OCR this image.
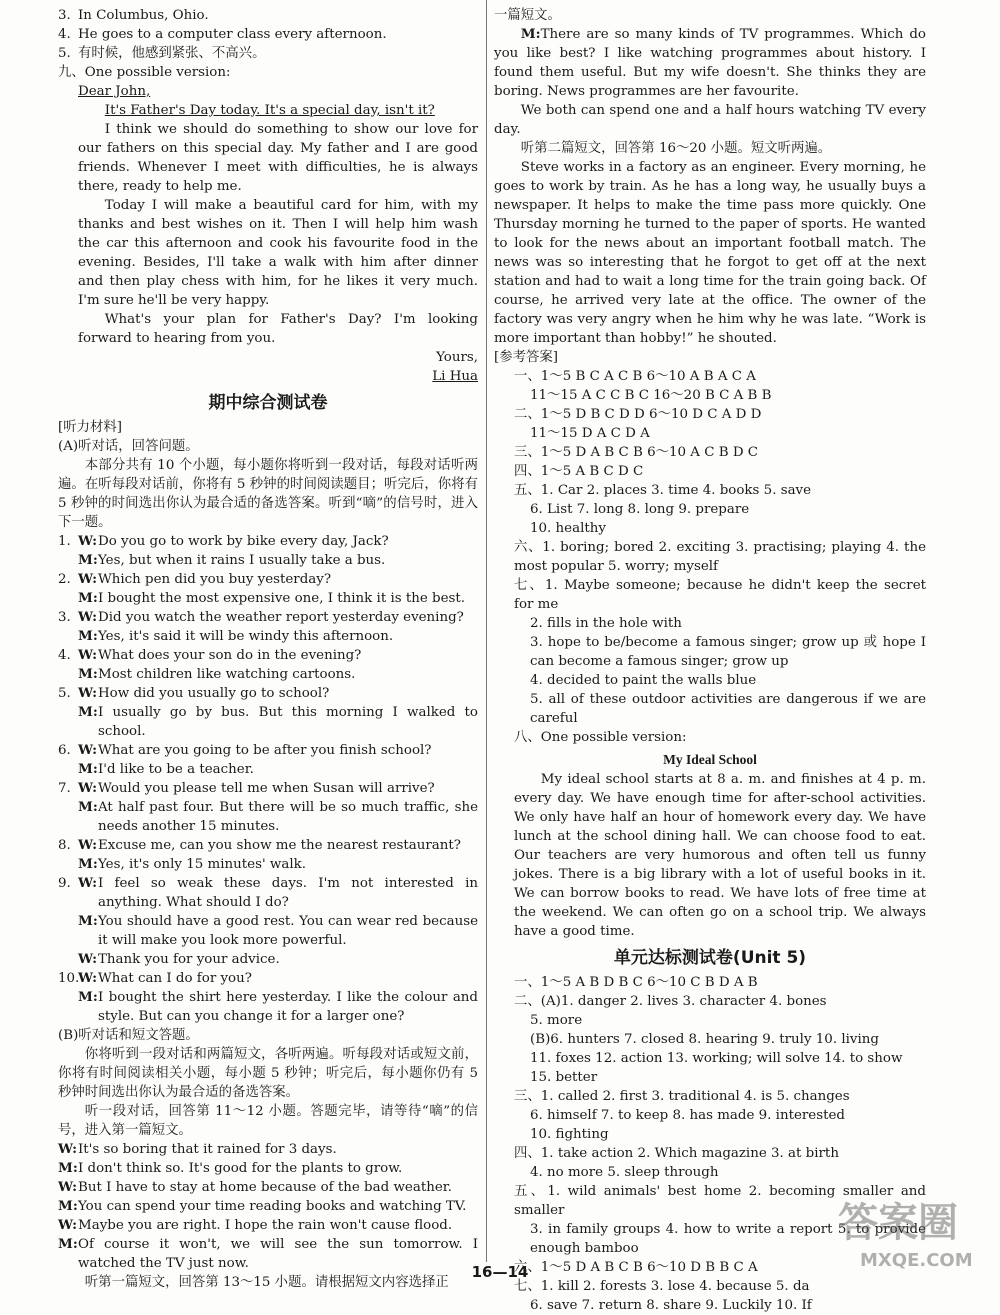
3. In Columbus, Ohio.
4. He goes to a computer class every afternoon.
5. 有时候，他感到紧张、不高兴。
九、One possible version:
Dear John,
It's Father's Day today. It's a special day, isn't it?
I think we should do something to show our love for our fathers on this special day. My father and I are good friends. Whenever I meet with difficulties, he is always there, ready to help me.
Today I will make a beautiful card for him, with my thanks and best wishes on it. Then I will help him wash the car this afternoon and cook his favourite food in the evening. Besides, I'll take a walk with him after dinner and then play chess with him, for he likes it very much. I'm sure he'll be very happy.
What's your plan for Father's Day? I'm looking forward to hearing from you.
Yours,
Li Hua
期中综合测试卷
[听力材料]
(A)听对话，回答问题。
本部分共有 10 个小题，每小题你将听到一段对话，每段对话听两遍。在听每段对话前，你将有 5 秒钟的时间阅读题目；听完后，你将有 5 秒钟的时间选出你认为最合适的备选答案。听到“嘀”的信号时，进入下一题。
1. W: Do you go to work by bike every day, Jack?
M: Yes, but when it rains I usually take a bus.
2. W: Which pen did you buy yesterday?
M: I bought the most expensive one, I think it is the best.
3. W: Did you watch the weather report yesterday evening?
M: Yes, it's said it will be windy this afternoon.
4. W: What does your son do in the evening?
M: Most children like watching cartoons.
5. W: How did you usually go to school?
M: I usually go by bus. But this morning I walked to school.
6. W: What are you going to be after you finish school?
M: I'd like to be a teacher.
7. W: Would you please tell me when Susan will arrive?
M: At half past four. But there will be so much traffic, she needs another 15 minutes.
8. W: Excuse me, can you show me the nearest restaurant?
M: Yes, it's only 15 minutes' walk.
9. W: I feel so weak these days. I'm not interested in anything. What should I do?
M: You should have a good rest. You can wear red because it will make you look more powerful.
W: Thank you for your advice.
10.
W: What can I do for you?
M: I bought the shirt here yesterday. I like the colour and style. But can you change it for a larger one?
(B)听对话和短文答题。
你将听到一段对话和两篇短文，各听两遍。听每段对话或短文前，你将有时间阅读相关小题，每小题 5 秒钟；听完后，每小题你仍有 5 秒钟时间选出你认为最合适的备选答案。
听一段对话，回答第 11～12 小题。答题完毕，请等待“嘀”的信号，进入第一篇短文。
W: It's so boring that it rained for 3 days.
M: I don't think so. It's good for the plants to grow.
W: But I have to stay at home because of the bad weather.
M: You can spend your time reading books and watching TV.
W: Maybe you are right. I hope the rain won't cause flood.
M: Of course it won't, we will see the sun tomorrow. I watched the TV just now.
听第一篇短文，回答第 13～15 小题。请根据短文内容选择正
一篇短文。
M:There are so many kinds of TV programmes. Which do you like best? I like watching programmes about history. I found them useful. But my wife doesn't. She thinks they are boring. News programmes are her favourite.
We both can spend one and a half hours watching TV every day.
听第二篇短文，回答第 16～20 小题。短文听两遍。
Steve works in a factory as an engineer. Every morning, he goes to work by train. As he has a long way, he usually buys a newspaper. It helps to make the time pass more quickly. One Thursday morning he turned to the paper of sports. He wanted to look for the news about an important football match. The news was so interesting that he forgot to get off at the next station and had to wait a long time for the train going back. Of course, he arrived very late at the office. The owner of the factory was very angry when he him why he was late. “Work is more important than hobby!” he shouted.
[参考答案]
一、1～5 B C A C B 6～10 A B A C A
11～15 A C C B C 16～20 B C A B B
二、1～5 D B C D D 6～10 D C A D D
11～15 D A C D A
三、1～5 D A B C B 6～10 A C B D C
四、1～5 A B C D C
五、1. Car 2. places 3. time 4. books 5. save
6. List 7. long 8. long 9. prepare
10. healthy
六、1. boring; bored 2. exciting 3. practising; playing 4. the most popular 5. worry; myself
七、1. Maybe someone; because he didn't keep the secret for me
2. fills in the hole with
3. hope to be/become a famous singer; grow up 或 hope I can become a famous singer; grow up
4. decided to paint the walls blue
5. all of these outdoor activities are dangerous if we are careful
八、One possible version:
My Ideal School
My ideal school starts at 8 a. m. and finishes at 4 p. m. every day. We have enough time for after-school activities. We only have half an hour of homework every day. We have lunch at the school dining hall. We can choose food to eat. Our teachers are very humorous and often tell us funny jokes. There is a big library with a lot of useful books in it. We can borrow books to read. We have lots of free time at the weekend. We can often go on a school trip. We always have a good time.
单元达标测试卷(Unit 5)
一、1～5 A B D B C 6～10 C B D A B
二、(A)1. danger 2. lives 3. character 4. bones
5. more
(B)6. hunters 7. closed 8. hearing 9. truly 10. living
11. foxes 12. action 13. working; will solve 14. to show
15. better
三、1. called 2. first 3. traditional 4. is 5. changes
6. himself 7. to keep 8. has made 9. interested
10. fighting
四、1. take action 2. Which magazine 3. at birth
4. no more 5. sleep through
五、1. wild animals' best home 2. becoming smaller and smaller
3. in family groups 4. how to write a report 5. to provide enough bamboo
六、1～5 D A B C B 6～10 D B B C A
七、1. kill 2. forests 3. lose 4. because 5. da
6. save 7. return 8. share 9. Luckily 10. If
16—14
答案圈
MXQE.COM
